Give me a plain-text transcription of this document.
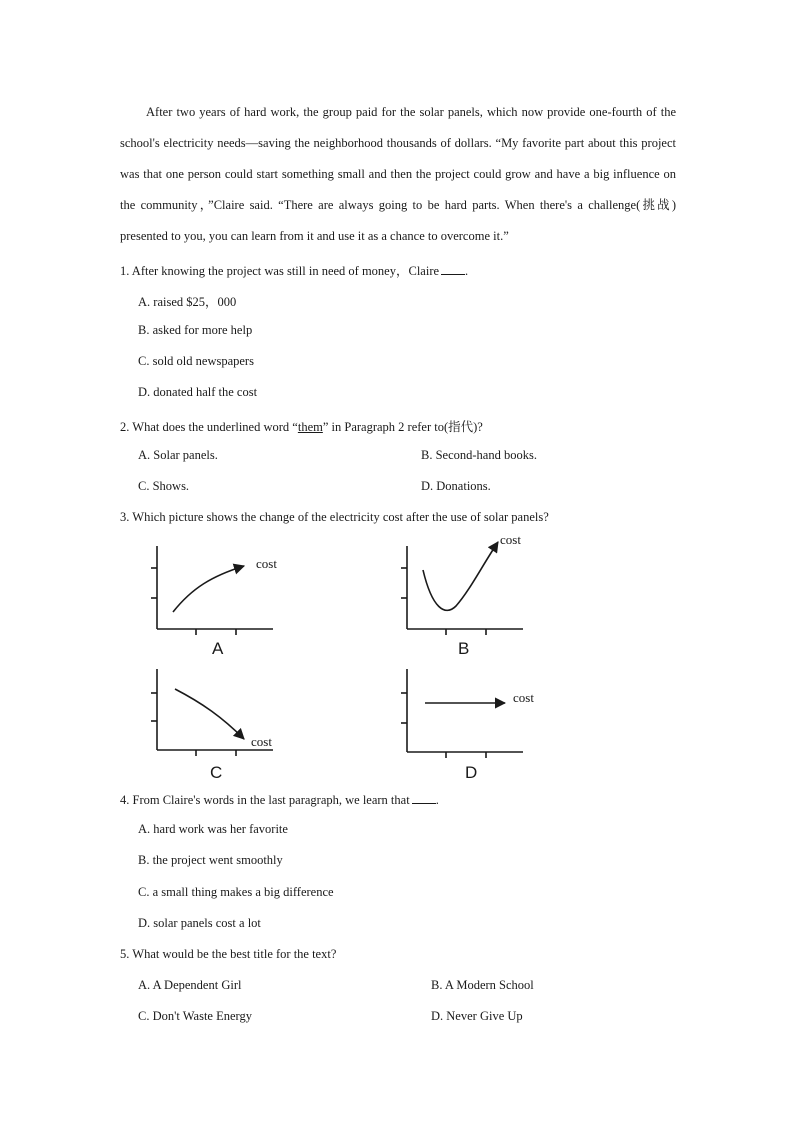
After two years of hard work, the group paid for the solar panels, which now provide one-fourth of the school's electricity needs—saving the neighborhood thousands of dollars. “My favorite part about this project was that one person could start something small and then the project could grow and have a big influence on the community，”Claire said. “There are always going to be hard parts. When there's a challenge(挑战) presented to you, you can learn from it and use it as a chance to overcome it.”

1. After knowing the project was still in need of money，Claire .
A. raised $25，000
B. asked for more help
C. sold old newspapers
D. donated half the cost
2. What does the underlined word “them” in Paragraph 2 refer to(指代)?
A. Solar panels.	B. Second-hand books.
C. Shows.	D. Donations.
3. Which picture shows the change of the electricity cost after the use of solar panels?
cost
A
cost
B
cost
C
cost
D
4. From Claire's words in the last paragraph, we learn that .
A. hard work was her favorite
B. the project went smoothly
C. a small thing makes a big difference
D. solar panels cost a lot
5. What would be the best title for the text?
A. A Dependent Girl	B. A Modern School
C. Don't Waste Energy	D. Never Give Up
